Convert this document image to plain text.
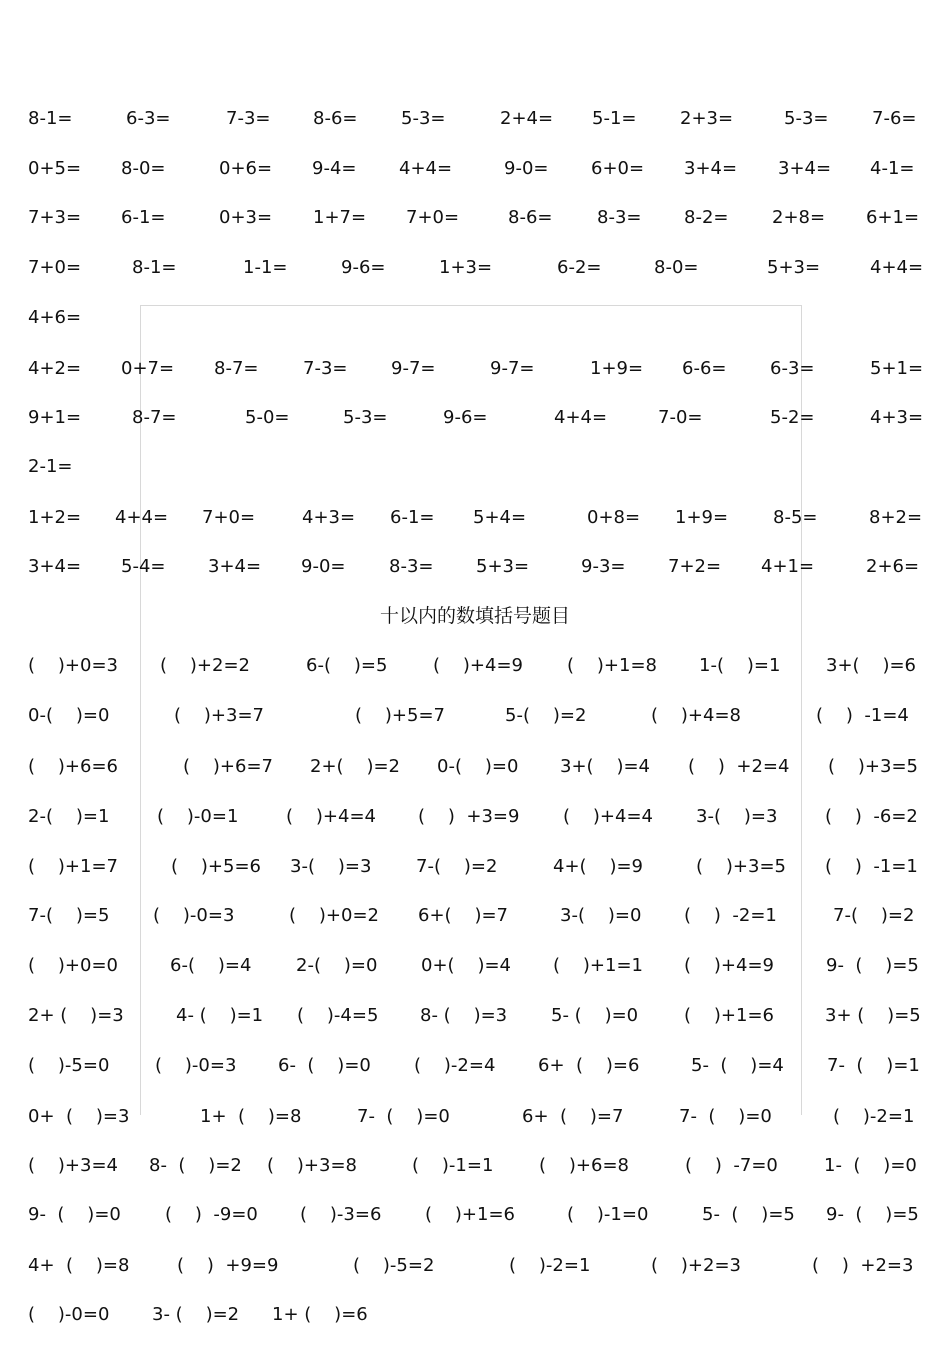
8-1=	6-3=	7-3= 8-6= 5-3=	2+4= 5-1= 2+3=	5-3= 7-6=
0+5= 8-0=	0+6= 9-4= 4+4=	9-0= 6+0= 3+4= 3+4= 4-1=
7+3= 6-1=	0+3= 1+7= 7+0=	8-6= 8-3= 8-2= 2+8= 6+1=
7+0=	8-1=	1-1=	9-6=	1+3=	6-2=	8-0=	5+3=	4+4=
4+6=
4+2= 0+7= 8-7= 7-3= 9-7=	9-7=	1+9= 6-6= 6-3=	5+1=
9+1=	8-7=	5-0=	5-3=	9-6=	4+4=	7-0=	5-2=	4+3=
2-1=
1+2= 4+4= 7+0=	4+3= 6-1= 5+4=	0+8= 1+9= 8-5=	8+2=
3+4= 5-4= 3+4= 9-0= 8-3= 5+3=	9-3= 7+2= 4+1=	2+6=
十以内的数填括号题目
(    )+0=3 (    )+2=2	6-(    )=5	(    )+4=9 (    )+1=8 1-(    )=1	3+(    )=6
0-(    )=0	(    )+3=7	(    )+5=7	5-(    )=2	(    )+4=8	(    )  -1=4
(    )+6=6	(    )+6=7 2+(    )=2 0-(    )=0 3+(    )=4 (    )  +2=4 (    )+3=5
2-(    )=1	(    )-0=1	(    )+4=4 (    )  +3=9 (    )+4=4 3-(    )=3	(    )  -6=2
(    )+1=7	(    )+5=6 3-(    )=3 7-(    )=2	4+(    )=9	(    )+3=5 (    )  -1=1
7-(    )=5 (    )-0=3	(    )+0=2 6+(    )=7	3-(    )=0 (    )  -2=1	7-(    )=2
(    )+0=0	6-(    )=4 2-(    )=0 0+(    )=4 (    )+1=1 (    )+4=9	9-  (    )=5
2+ (    )=3	4- (    )=1 (    )-4=5 8- (    )=3 5- (    )=0	(    )+1=6	3+ (    )=5
(    )-5=0	(    )-0=3 6-  (    )=0 (    )-2=4 6+  (    )=6	5-  (    )=4 7-  (    )=1
0+  (    )=3	1+  (    )=8	7-  (    )=0	6+  (    )=7	7-  (    )=0	(    )-2=1
(    )+3=4 8-  (    )=2 (    )+3=8	(    )-1=1	(    )+6=8	(    )  -7=0	1-  (    )=0
9-  (    )=0 (    )  -9=0 (    )-3=6 (    )+1=6	(    )-1=0	5-  (    )=5 9-  (    )=5
4+  (    )=8	(    )  +9=9	(    )-5=2	(    )-2=1	(    )+2=3	(    )  +2=3
(    )-0=0 3- (    )=2 1+ (    )=6
